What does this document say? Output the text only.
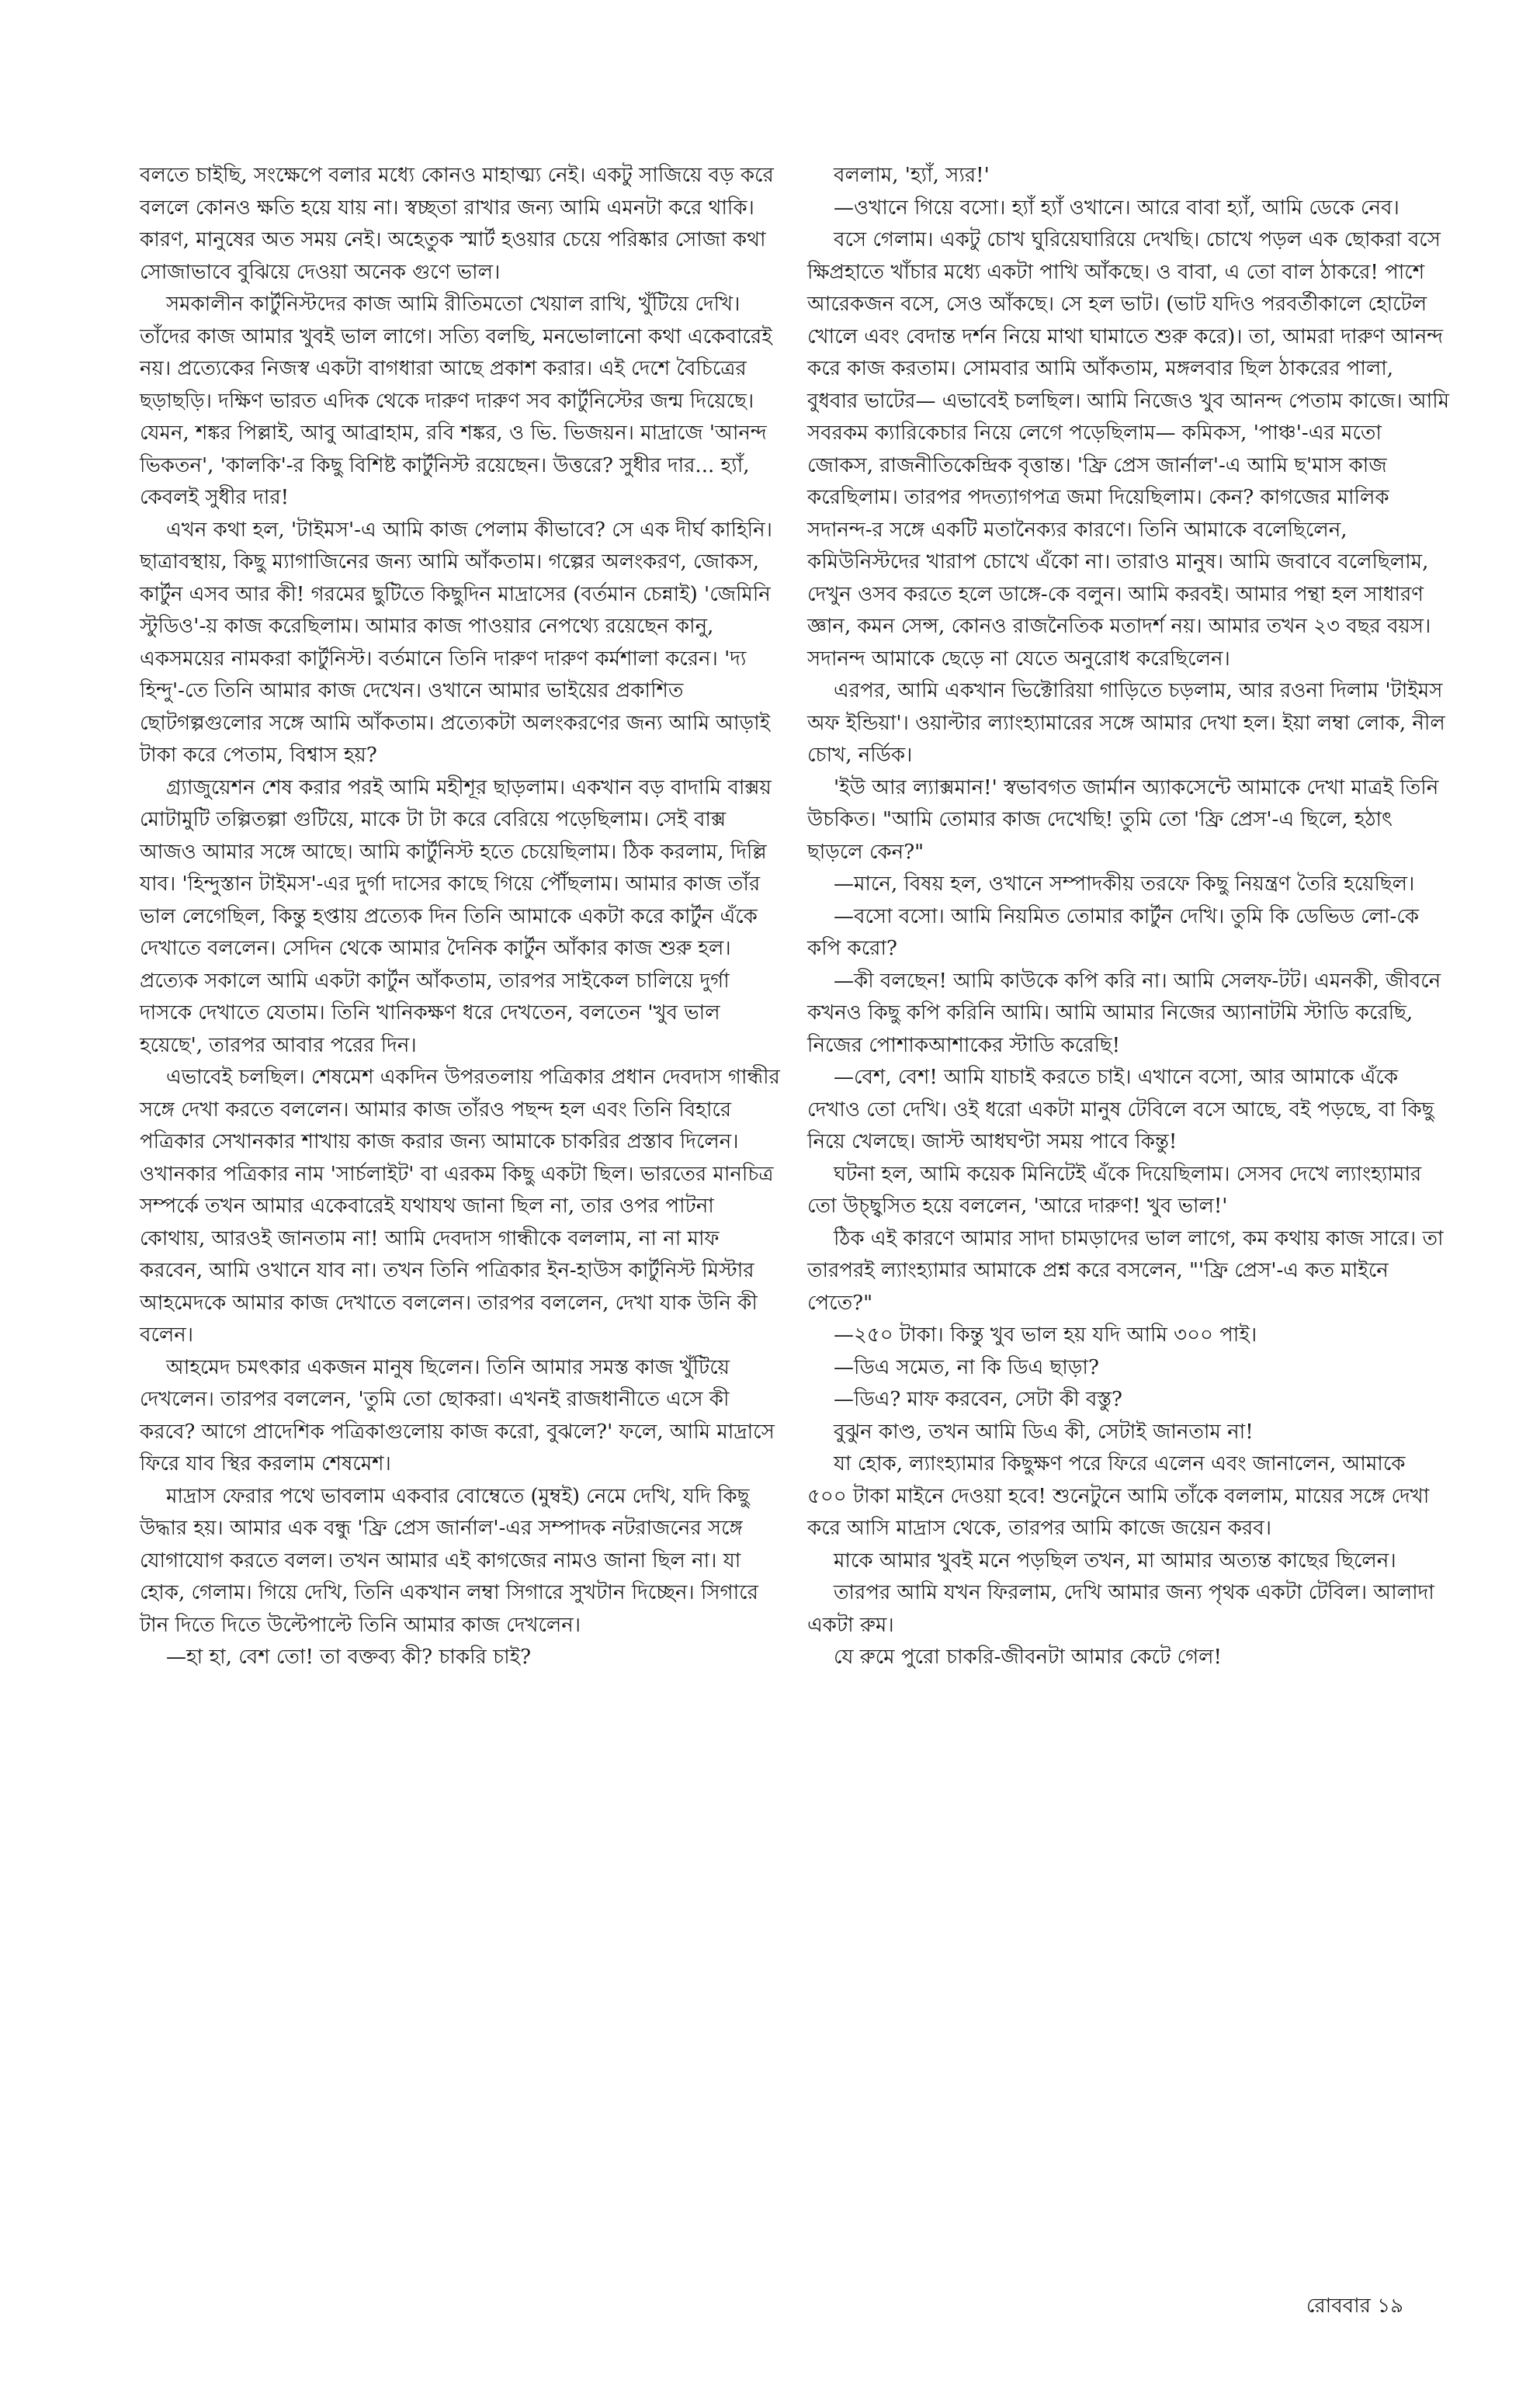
বলতে চাইছি, সংক্ষেপে বলার মধ্যে কোনও মাহাত্ম্য নেই। একটু সাজিয়ে বড় করে বললে কোনও ক্ষতি হয়ে যায় না। স্বচ্ছতা রাখার জন্য আমি এমনটা করে থাকি। কারণ, মানুষের অত সময় নেই। অহেতুক স্মার্ট হওয়ার চেয়ে পরিষ্কার সোজা কথা সোজাভাবে বুঝিয়ে দেওয়া অনেক গুণে ভাল।

সমকালীন কার্টুনিস্টদের কাজ আমি রীতিমতো খেয়াল রাখি, খুঁটিয়ে দেখি। তাঁদের কাজ আমার খুবই ভাল লাগে। সত্যি বলছি, মনভোলানো কথা একেবারেই নয়। প্রত্যেকের নিজস্ব একটা বাগধারা আছে প্রকাশ করার। এই দেশে বৈচিত্রের ছড়াছড়ি। দক্ষিণ ভারত এদিক থেকে দারুণ দারুণ সব কার্টুনিস্টের জন্ম দিয়েছে। যেমন, শঙ্কর পিল্লাই, আবু আব্রাহাম, রবি শঙ্কর, ও ভি. ভিজয়ন। মাদ্রাজে 'আনন্দ ভিকতন', 'কালকি'-র কিছু বিশিষ্ট কার্টুনিস্ট রয়েছেন। উত্তরে? সুধীর দার... হ্যাঁ, কেবলই সুধীর দার!

এখন কথা হল, 'টাইমস'-এ আমি কাজ পেলাম কীভাবে? সে এক দীর্ঘ কাহিনি। ছাত্রাবস্থায়, কিছু ম্যাগাজিনের জন্য আমি আঁকতাম। গল্পের অলংকরণ, জোকস, কার্টুন এসব আর কী! গরমের ছুটিতে কিছুদিন মাদ্রাসের (বর্তমান চেন্নাই) 'জেমিনি স্টুডিও'-য় কাজ করেছিলাম। আমার কাজ পাওয়ার নেপথ্যে রয়েছেন কানু, একসময়ের নামকরা কার্টুনিস্ট। বর্তমানে তিনি দারুণ দারুণ কর্মশালা করেন। 'দ্য হিন্দু'-তে তিনি আমার কাজ দেখেন। ওখানে আমার ভাইয়ের প্রকাশিত ছোটগল্পগুলোর সঙ্গে আমি আঁকতাম। প্রত্যেকটা অলংকরণের জন্য আমি আড়াই টাকা করে পেতাম, বিশ্বাস হয়?

গ্র্যাজুয়েশন শেষ করার পরই আমি মহীশূর ছাড়লাম। একখান বড় বাদামি বাক্সয় মোটামুটি তল্পিতল্পা গুটিয়ে, মাকে টা টা করে বেরিয়ে পড়েছিলাম। সেই বাক্স আজও আমার সঙ্গে আছে। আমি কার্টুনিস্ট হতে চেয়েছিলাম। ঠিক করলাম, দিল্লি যাব। 'হিন্দুস্তান টাইমস'-এর দুর্গা দাসের কাছে গিয়ে পৌঁছলাম। আমার কাজ তাঁর ভাল লেগেছিল, কিন্তু হপ্তায় প্রত্যেক দিন তিনি আমাকে একটা করে কার্টুন এঁকে দেখাতে বললেন। সেদিন থেকে আমার দৈনিক কার্টুন আঁকার কাজ শুরু হল। প্রত্যেক সকালে আমি একটা কার্টুন আঁকতাম, তারপর সাইকেল চালিয়ে দুর্গা দাসকে দেখাতে যেতাম। তিনি খানিকক্ষণ ধরে দেখতেন, বলতেন 'খুব ভাল হয়েছে', তারপর আবার পরের দিন।

এভাবেই চলছিল। শেষমেশ একদিন উপরতলায় পত্রিকার প্রধান দেবদাস গান্ধীর সঙ্গে দেখা করতে বললেন। আমার কাজ তাঁরও পছন্দ হল এবং তিনি বিহারে পত্রিকার সেখানকার শাখায় কাজ করার জন্য আমাকে চাকরির প্রস্তাব দিলেন। ওখানকার পত্রিকার নাম 'সার্চলাইট' বা এরকম কিছু একটা ছিল। ভারতের মানচিত্র সম্পর্কে তখন আমার একেবারেই যথাযথ জানা ছিল না, তার ওপর পাটনা কোথায়, আরওই জানতাম না! আমি দেবদাস গান্ধীকে বললাম, না না মাফ করবেন, আমি ওখানে যাব না। তখন তিনি পত্রিকার ইন-হাউস কার্টুনিস্ট মিস্টার আহমেদকে আমার কাজ দেখাতে বললেন। তারপর বললেন, দেখা যাক উনি কী বলেন।

আহমেদ চমৎকার একজন মানুষ ছিলেন। তিনি আমার সমস্ত কাজ খুঁটিয়ে দেখলেন। তারপর বললেন, 'তুমি তো ছোকরা। এখনই রাজধানীতে এসে কী করবে? আগে প্রাদেশিক পত্রিকাগুলোয় কাজ করো, বুঝলে?' ফলে, আমি মাদ্রাসে ফিরে যাব স্থির করলাম শেষমেশ।

মাদ্রাস ফেরার পথে ভাবলাম একবার বোম্বেতে (মুম্বই) নেমে দেখি, যদি কিছু উদ্ধার হয়। আমার এক বন্ধু 'ফ্রি প্রেস জার্নাল'-এর সম্পাদক নটরাজনের সঙ্গে যোগাযোগ করতে বলল। তখন আমার এই কাগজের নামও জানা ছিল না। যা হোক, গেলাম। গিয়ে দেখি, তিনি একখান লম্বা সিগারে সুখটান দিচ্ছেন। সিগারে টান দিতে দিতে উল্টেপাল্টে তিনি আমার কাজ দেখলেন।

—হা হা, বেশ তো! তা বক্তব্য কী? চাকরি চাই?

বললাম, 'হ্যাঁ, স্যর!'

—ওখানে গিয়ে বসো। হ্যাঁ হ্যাঁ ওখানে। আরে বাবা হ্যাঁ, আমি ডেকে নেব।

বসে গেলাম। একটু চোখ ঘুরিয়েঘারিয়ে দেখছি। চোখে পড়ল এক ছোকরা বসে ক্ষিপ্রহাতে খাঁচার মধ্যে একটা পাখি আঁকছে। ও বাবা, এ তো বাল ঠাকরে! পাশে আরেকজন বসে, সেও আঁকছে। সে হল ভাট। (ভাট যদিও পরবর্তীকালে হোটেল খোলে এবং বেদান্ত দর্শন নিয়ে মাথা ঘামাতে শুরু করে)। তা, আমরা দারুণ আনন্দ করে কাজ করতাম। সোমবার আমি আঁকতাম, মঙ্গলবার ছিল ঠাকরের পালা, বুধবার ভাটের— এভাবেই চলছিল। আমি নিজেও খুব আনন্দ পেতাম কাজে। আমি সবরকম ক্যারিকেচার নিয়ে লেগে পড়েছিলাম— কমিকস, 'পাঞ্চ'-এর মতো জোকস, রাজনীতিকেন্দ্রিক বৃত্তান্ত। 'ফ্রি প্রেস জার্নাল'-এ আমি ছ'মাস কাজ করেছিলাম। তারপর পদত্যাগপত্র জমা দিয়েছিলাম। কেন? কাগজের মালিক সদানন্দ-র সঙ্গে একটি মতানৈক্যর কারণে। তিনি আমাকে বলেছিলেন, কমিউনিস্টদের খারাপ চোখে এঁকো না। তারাও মানুষ। আমি জবাবে বলেছিলাম, দেখুন ওসব করতে হলে ডাঙ্গে-কে বলুন। আমি করবই। আমার পন্থা হল সাধারণ জ্ঞান, কমন সেন্স, কোনও রাজনৈতিক মতাদর্শ নয়। আমার তখন ২৩ বছর বয়স। সদানন্দ আমাকে ছেড়ে না যেতে অনুরোধ করেছিলেন।

এরপর, আমি একখান ভিক্টোরিয়া গাড়িতে চড়লাম, আর রওনা দিলাম 'টাইমস অফ ইন্ডিয়া'। ওয়াল্টার ল্যাংহ্যামারের সঙ্গে আমার দেখা হল। ইয়া লম্বা লোক, নীল চোখ, নর্ডিক।

'ইউ আর ল্যাক্সমান!' স্বভাবগত জার্মান অ্যাকসেন্টে আমাকে দেখা মাত্রই তিনি উচকিত। "আমি তোমার কাজ দেখেছি! তুমি তো 'ফ্রি প্রেস'-এ ছিলে, হঠাৎ ছাড়লে কেন?"

—মানে, বিষয় হল, ওখানে সম্পাদকীয় তরফে কিছু নিয়ন্ত্রণ তৈরি হয়েছিল।

—বসো বসো। আমি নিয়মিত তোমার কার্টুন দেখি। তুমি কি ডেভিড লো-কে কপি করো?

—কী বলছেন! আমি কাউকে কপি করি না। আমি সেলফ-টট। এমনকী, জীবনে কখনও কিছু কপি করিনি আমি। আমি আমার নিজের অ্যানাটমি স্টাডি করেছি, নিজের পোশাকআশাকের স্টাডি করেছি!

—বেশ, বেশ! আমি যাচাই করতে চাই। এখানে বসো, আর আমাকে এঁকে দেখাও তো দেখি। ওই ধরো একটা মানুষ টেবিলে বসে আছে, বই পড়ছে, বা কিছু নিয়ে খেলছে। জাস্ট আধঘণ্টা সময় পাবে কিন্তু!

ঘটনা হল, আমি কয়েক মিনিটেই এঁকে দিয়েছিলাম। সেসব দেখে ল্যাংহ্যামার তো উচ্ছ্বসিত হয়ে বললেন, 'আরে দারুণ! খুব ভাল!'

ঠিক এই কারণে আমার সাদা চামড়াদের ভাল লাগে, কম কথায় কাজ সারে। তা তারপরই ল্যাংহ্যামার আমাকে প্রশ্ন করে বসলেন, "'ফ্রি প্রেস'-এ কত মাইনে পেতে?"

—২৫০ টাকা। কিন্তু খুব ভাল হয় যদি আমি ৩০০ পাই।

—ডিএ সমেত, না কি ডিএ ছাড়া?

—ডিএ? মাফ করবেন, সেটা কী বস্তু?

বুঝুন কাণ্ড, তখন আমি ডিএ কী, সেটাই জানতাম না!

যা হোক, ল্যাংহ্যামার কিছুক্ষণ পরে ফিরে এলেন এবং জানালেন, আমাকে ৫০০ টাকা মাইনে দেওয়া হবে! শুনেটুনে আমি তাঁকে বললাম, মায়ের সঙ্গে দেখা করে আসি মাদ্রাস থেকে, তারপর আমি কাজে জয়েন করব।

মাকে আমার খুবই মনে পড়ছিল তখন, মা আমার অত্যন্ত কাছের ছিলেন।

তারপর আমি যখন ফিরলাম, দেখি আমার জন্য পৃথক একটা টেবিল। আলাদা একটা রুম।

যে রুমে পুরো চাকরি-জীবনটা আমার কেটে গেল!

রোববার ১৯
